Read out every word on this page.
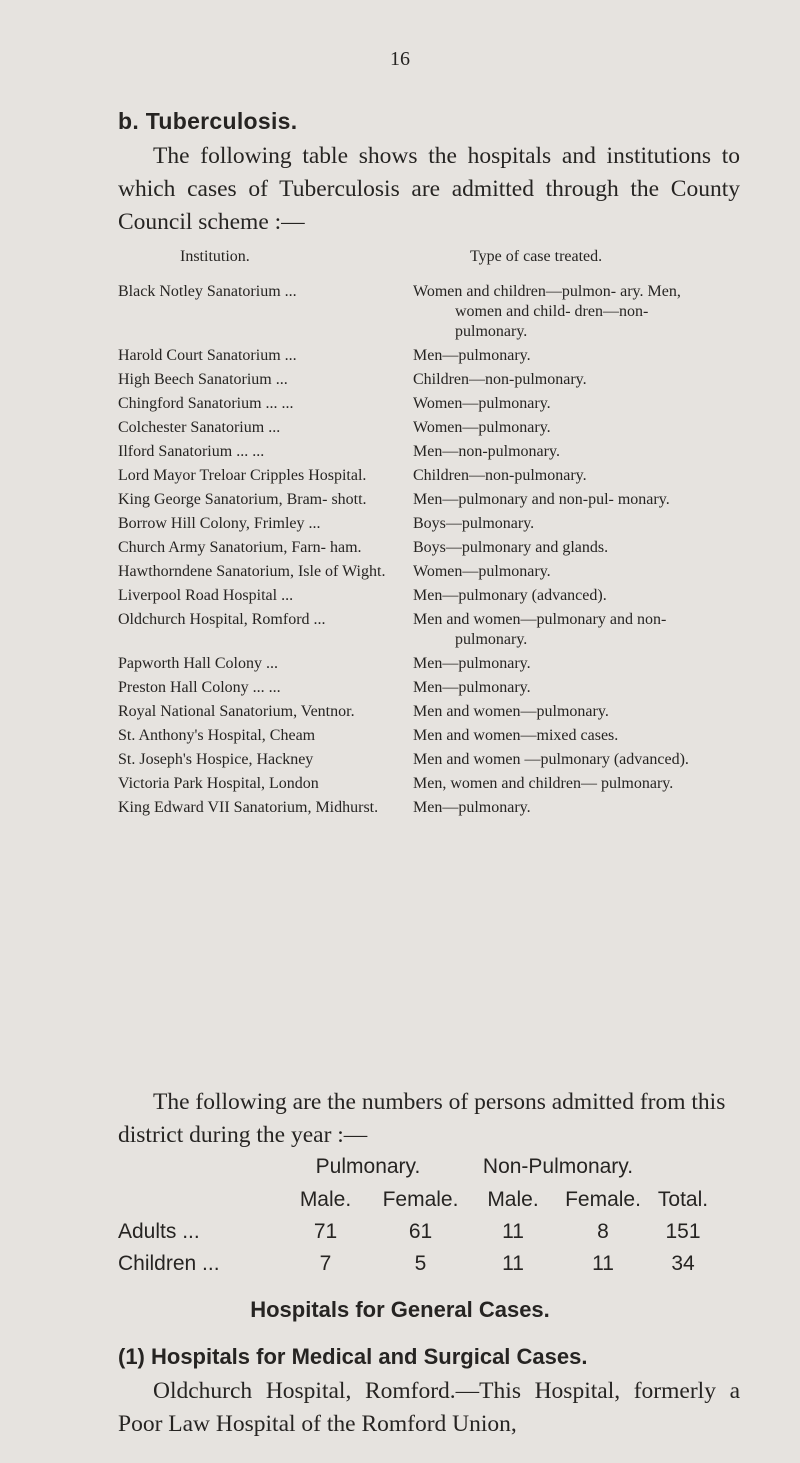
16
b. Tuberculosis.

The following table shows the hospitals and institutions to which cases of Tuberculosis are admitted through the County Council scheme :—

Institution.	Type of case treated.
Black Notley Sanatorium ...	Women and children—pulmon- ary. Men, women and child- dren—non-pulmonary.

Harold Court Sanatorium ...	Men—pulmonary.

High Beech Sanatorium ...	Children—non-pulmonary.

Chingford Sanatorium ... ...	Women—pulmonary.

Colchester Sanatorium ...	Women—pulmonary.

Ilford Sanatorium ... ...	Men—non-pulmonary.

Lord Mayor Treloar Cripples Hospital.	Children—non-pulmonary.

King George Sanatorium, Bram- shott.	Men—pulmonary and non-pul- monary.

Borrow Hill Colony, Frimley ...	Boys—pulmonary.

Church Army Sanatorium, Farn- ham.	Boys—pulmonary and glands.

Hawthorndene Sanatorium, Isle of Wight.	Women—pulmonary.

Liverpool Road Hospital ...	Men—pulmonary (advanced).

Oldchurch Hospital, Romford ...	Men and women—pulmonary and non-pulmonary.

Papworth Hall Colony ...	Men—pulmonary.

Preston Hall Colony ... ...	Men—pulmonary.

Royal National Sanatorium, Ventnor.	Men and women—pulmonary.

St. Anthony's Hospital, Cheam	Men and women—mixed cases.

St. Joseph's Hospice, Hackney	Men and women —pulmonary (advanced).

Victoria Park Hospital, London	Men, women and children— pulmonary.

King Edward VII Sanatorium, Midhurst.	Men—pulmonary.

The following are the numbers of persons admitted from this district during the year :—

	Pulmonary.		Non-Pulmonary.		
	Male.	Female.	Male.	Female.	Total.
Adults ...	71	61	11	8	151
Children ...	7	5	11	11	34
Hospitals for General Cases.
(1) Hospitals for Medical and Surgical Cases.

Oldchurch Hospital, Romford.—This Hospital, formerly a Poor Law Hospital of the Romford Union,
